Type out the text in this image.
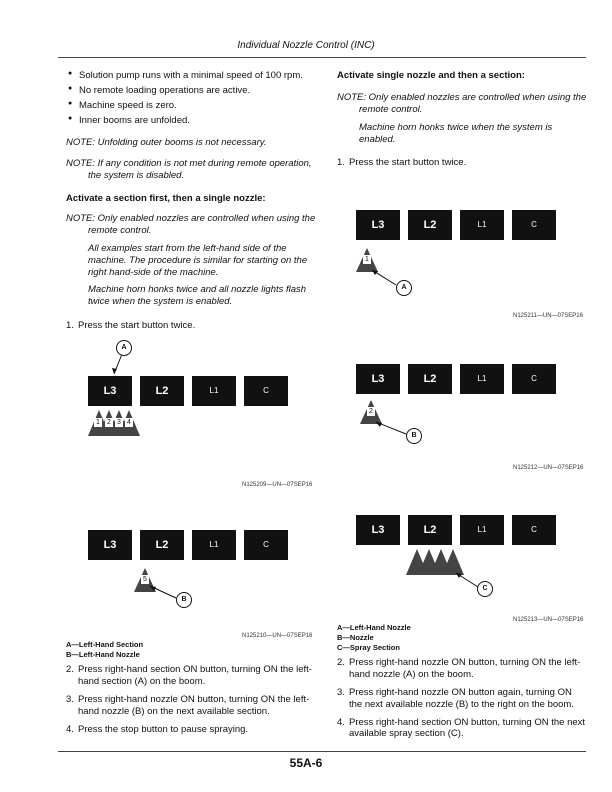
Individual Nozzle Control (INC)
● Solution pump runs with a minimal speed of 100 rpm.
● No remote loading operations are active.
● Machine speed is zero.
● Inner booms are unfolded.

NOTE: Unfolding outer booms is not necessary.

NOTE: If any condition is not met during remote operation, the system is disabled.

Activate a section first, then a single nozzle:

NOTE: Only enabled nozzles are controlled when using the remote control.
All examples start from the left-hand side of the machine. The procedure is similar for starting on the right hand-side of the machine.
Machine horn honks twice and all nozzle lights flash twice when the system is enabled.

1. Press the start button twice.

L3	L2	L1	C
A
1 2 3 4
N125209—UN—07SEP16
L3	L2	L1	C
5
B
N125210—UN—07SEP16
A—Left-Hand Section
B—Left-Hand Nozzle

2. Press right-hand section ON button, turning ON the left-hand section (A) on the boom.

3. Press right-hand nozzle ON button, turning ON the left-hand nozzle (B) on the next available section.

4. Press the stop button to pause spraying.

Activate single nozzle and then a section:

NOTE: Only enabled nozzles are controlled when using the remote control.
Machine horn honks twice when the system is enabled.

1. Press the start button twice.

L3	L2	L1	C
1
A
N125211—UN—07SEP16
L3	L2	L1	C
2
B
N125212—UN—07SEP16
L3	L2	L1	C
C
N125213—UN—07SEP16
A—Left-Hand Nozzle
B—Nozzle
C—Spray Section

2. Press right-hand nozzle ON button, turning ON the left-hand nozzle (A) on the boom.

3. Press right-hand nozzle ON button again, turning ON the next available nozzle (B) to the right on the boom.

4. Press right-hand section ON button, turning ON the next available spray section (C).

55A-6
